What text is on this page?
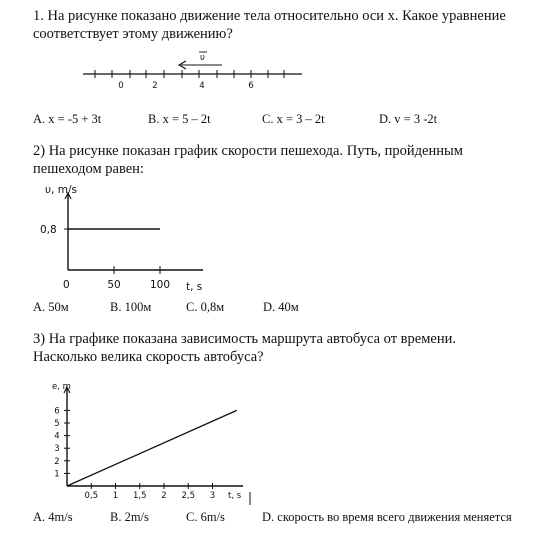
1. На рисунке показано движение тела относительно оси x. Какое уравнение соответствует этому движению?
0	2	4	6
υ
A. x = -5 + 3t	B. x = 5 – 2t	C. x = 3 – 2t	D. v = 3 -2t
2) На рисунке показан график скорости пешехода. Путь, пройденным пешеходом равен:
0,8
0	50	100
υ, m/s
t, s
A. 50м	B. 100м	C. 0,8м	D. 40м
3) На графике показана зависимость маршрута автобуса от времени. Насколько велика скорость автобуса?
0,5 1 1,5 2 2,5 3
1
2
3
4
5
6
e, m
t, s
A. 4m/s	B. 2m/s	C. 6m/s	D. скорость во время всего движения меняется
